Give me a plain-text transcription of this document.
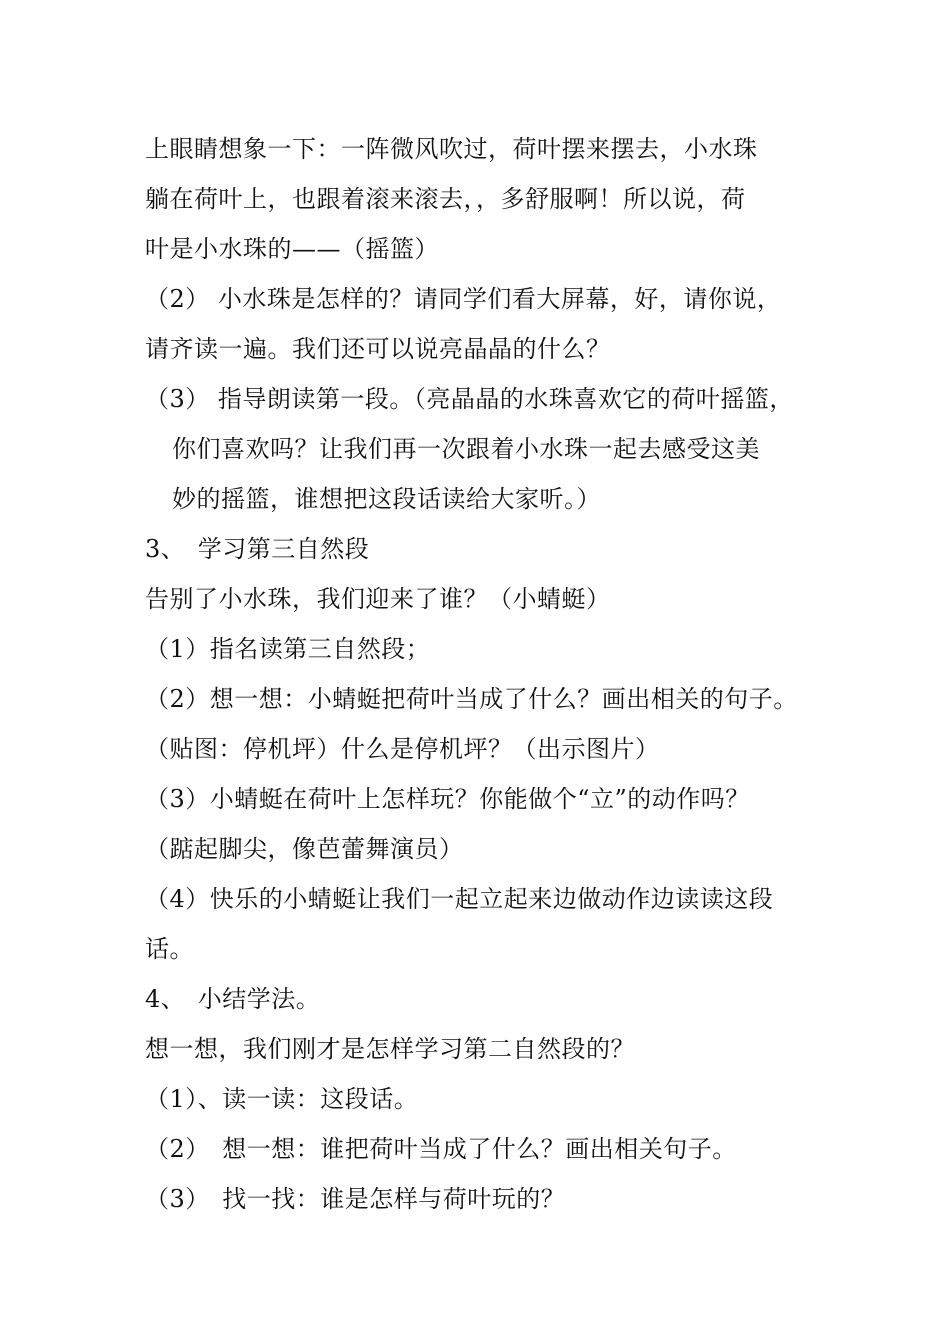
上眼睛想象一下：一阵微风吹过，荷叶摆来摆去，小水珠
躺在荷叶上，也跟着滚来滚去，，多舒服啊！所以说，荷
叶是小水珠的——（摇篮）
（2） 小水珠是怎样的？请同学们看大屏幕，好，请你说，
请齐读一遍。我们还可以说亮晶晶的什么？
（3） 指导朗读第一段。（亮晶晶的水珠喜欢它的荷叶摇篮，
你们喜欢吗？让我们再一次跟着小水珠一起去感受这美
妙的摇篮，谁想把这段话读给大家听。）
3、　学习第三自然段
告别了小水珠，我们迎来了谁？（小蜻蜓）
（1）指名读第三自然段；
（2）想一想：小蜻蜓把荷叶当成了什么？画出相关的句子。
（贴图：停机坪）什么是停机坪？（出示图片）
（3）小蜻蜓在荷叶上怎样玩？你能做个“立”的动作吗？
（踮起脚尖，像芭蕾舞演员）
（4）快乐的小蜻蜓让我们一起立起来边做动作边读读这段
话。
4、　小结学法。
想一想，我们刚才是怎样学习第二自然段的？
（1）、读一读：这段话。
（2）　想一想：谁把荷叶当成了什么？画出相关句子。
（3）　找一找：谁是怎样与荷叶玩的？
